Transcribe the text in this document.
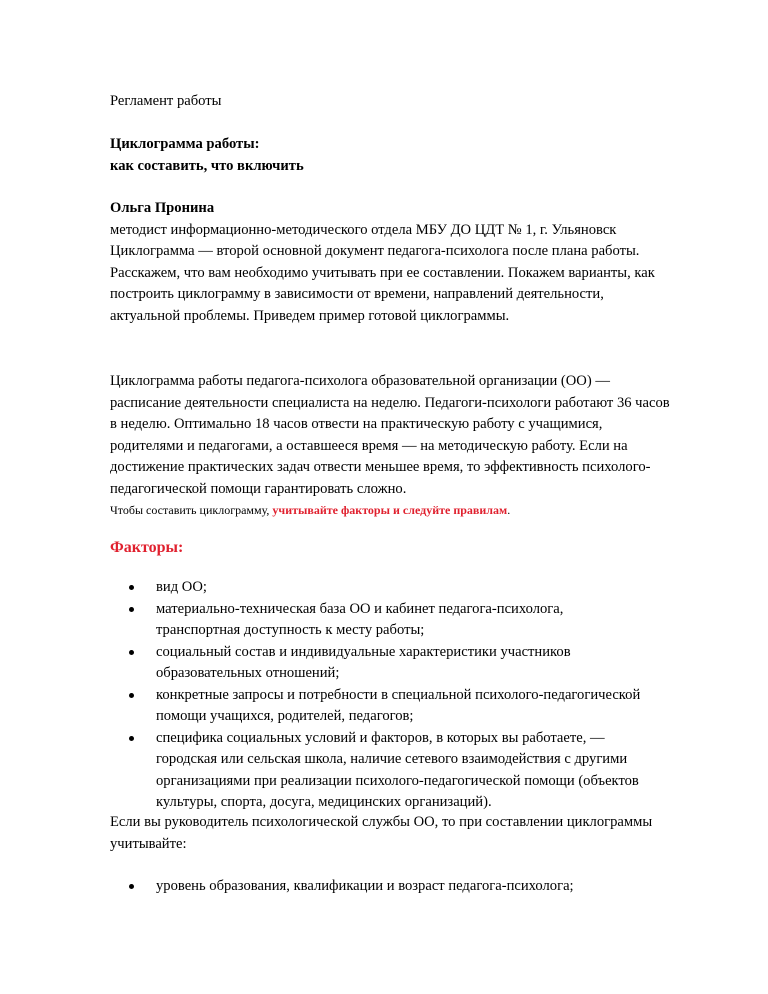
Регламент работы

Циклограмма работы:
как составить, что включить
Ольга Пронина
методист информационно-методического отдела МБУ ДО ЦДТ № 1, г. Ульяновск

Циклограмма — второй основной документ педагога-психолога после плана работы. Расскажем, что вам необходимо учитывать при ее составлении. Покажем варианты, как построить циклограмму в зависимости от времени, направлений деятельности, актуальной проблемы. Приведем пример готовой циклограммы.

Циклограмма работы педагога-психолога образовательной организации (ОО) — расписание деятельности специалиста на неделю. Педагоги-психологи работают 36 часов в неделю. Оптимально 18 часов отвести на практическую работу с учащимися, родителями и педагогами, а оставшееся время — на методическую работу. Если на достижение практических задач отвести меньшее время, то эффективность психолого-педагогической помощи гарантировать сложно.

Чтобы составить циклограмму, учитывайте факторы и следуйте правилам.

Факторы:
вид ОО;
материально-техническая база ОО и кабинет педагога-психолога, транспортная доступность к месту работы;
социальный состав и индивидуальные характеристики участников образовательных отношений;
конкретные запросы и потребности в специальной психолого-педагогической помощи учащихся, родителей, педагогов;
специфика социальных условий и факторов, в которых вы работаете, — городская или сельская школа, наличие сетевого взаимодействия с другими организациями при реализации психолого-педагогической помощи (объектов культуры, спорта, досуга, медицинских организаций).

Если вы руководитель психологической службы ОО, то при составлении циклограммы учитывайте:

уровень образования, квалификации и возраст педагога-психолога;
